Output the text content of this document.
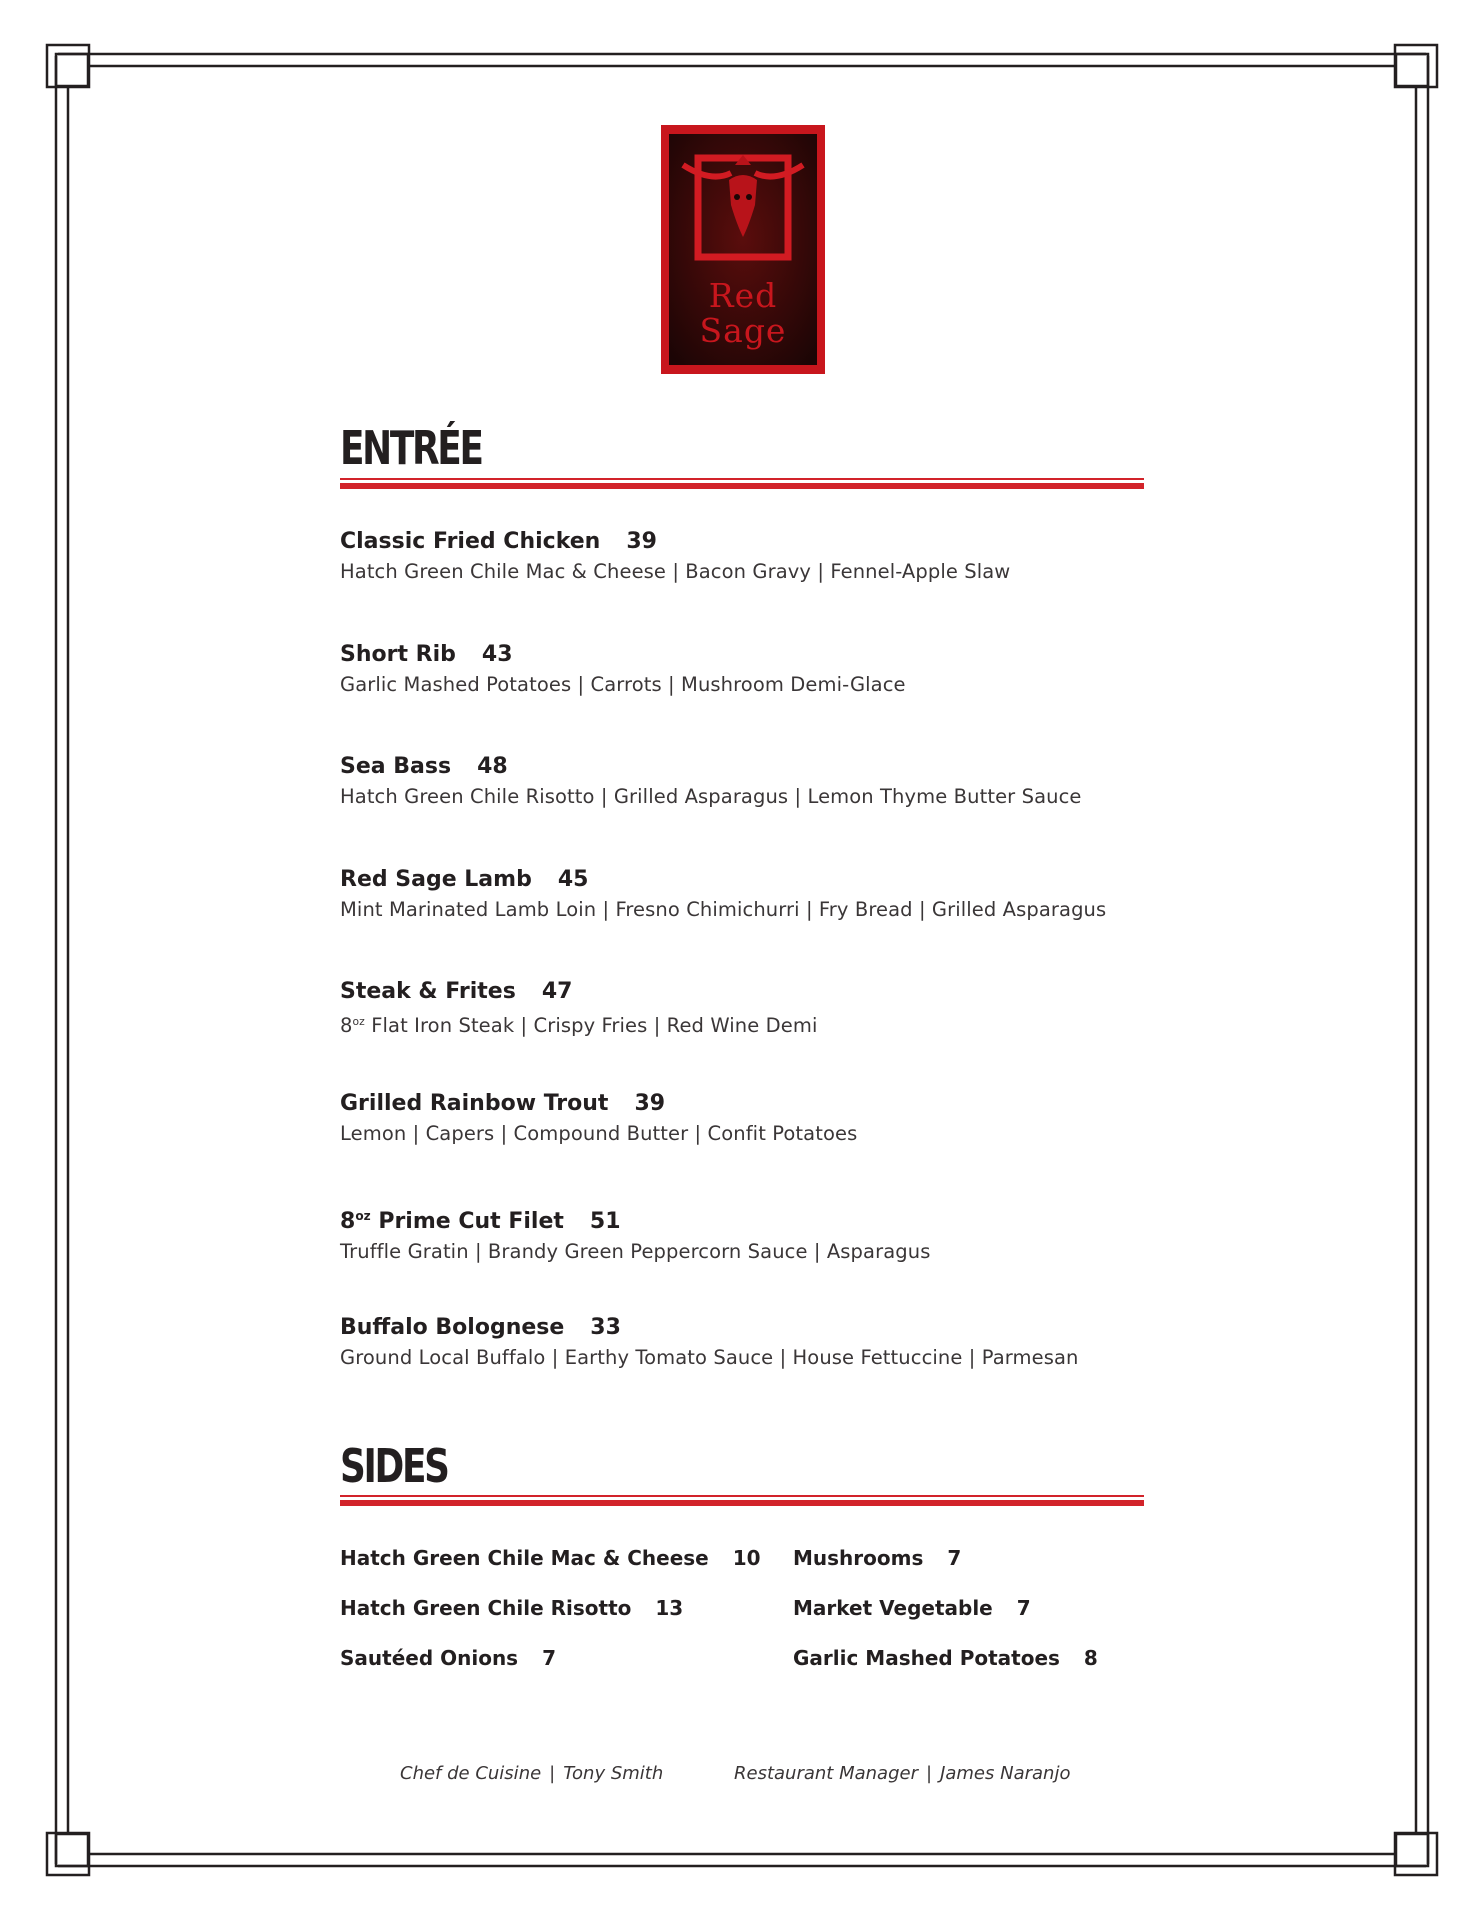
Red
Sage
ENTRÉE
Classic Fried Chicken 39
Hatch Green Chile Mac & Cheese | Bacon Gravy | Fennel-Apple Slaw
Short Rib 43
Garlic Mashed Potatoes | Carrots | Mushroom Demi-Glace
Sea Bass 48
Hatch Green Chile Risotto | Grilled Asparagus | Lemon Thyme Butter Sauce
Red Sage Lamb 45
Mint Marinated Lamb Loin | Fresno Chimichurri | Fry Bread | Grilled Asparagus
Steak & Frites 47
$8^{oz}$ Flat Iron Steak | Crispy Fries | Red Wine Demi
Grilled Rainbow Trout 39
Lemon | Capers | Compound Butter | Confit Potatoes
$8^{oz}$ Prime Cut Filet 51
Truffle Gratin | Brandy Green Peppercorn Sauce | Asparagus
Buffalo Bolognese 33
Ground Local Buffalo | Earthy Tomato Sauce | House Fettuccine | Parmesan
SIDES
Hatch Green Chile Mac & Cheese 10
Hatch Green Chile Risotto 13
Sautéed Onions 7
Mushrooms 7
Market Vegetable 7
Garlic Mashed Potatoes 8
Chef de Cuisine | Tony Smith	Restaurant Manager | James Naranjo
